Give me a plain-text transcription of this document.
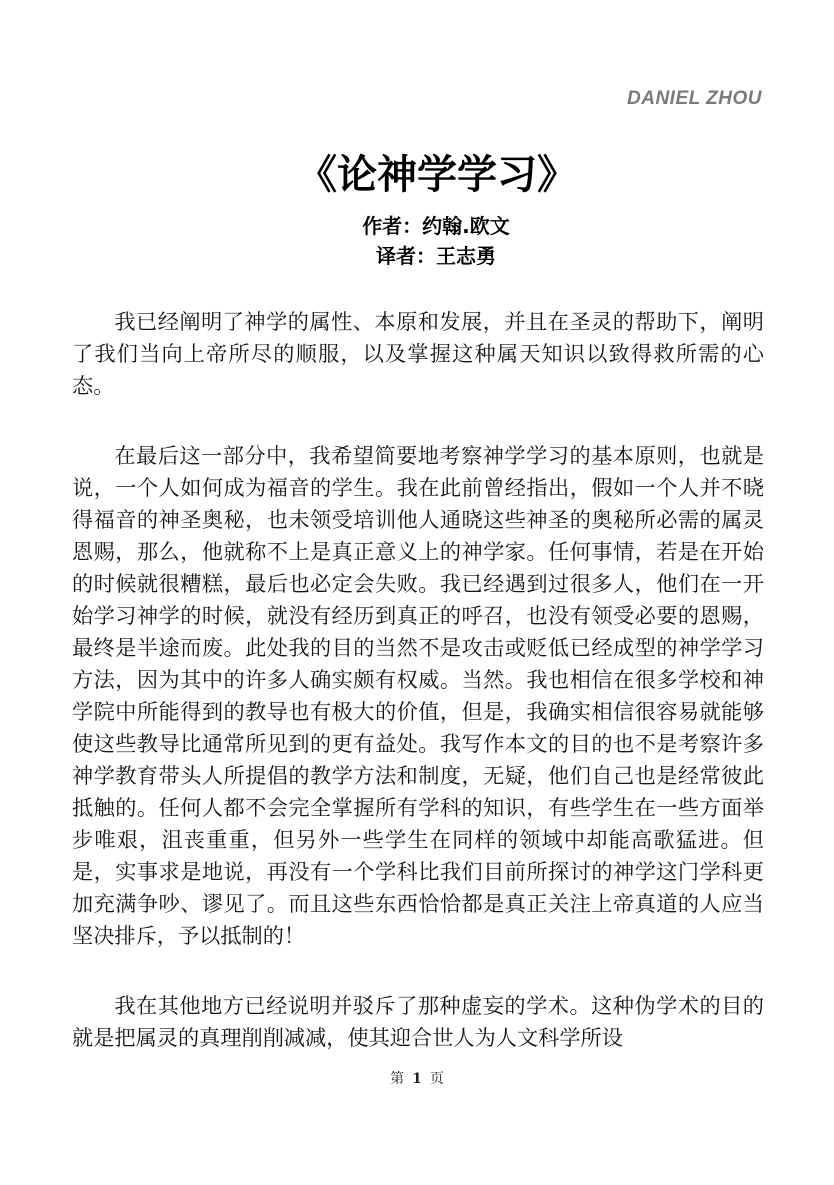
DANIEL ZHOU
《论神学学习》
作者：约翰.欧文
译者：王志勇

我已经阐明了神学的属性、本原和发展，并且在圣灵的帮助下，阐明了我们当向上帝所尽的顺服，以及掌握这种属天知识以致得救所需的心态。

在最后这一部分中，我希望简要地考察神学学习的基本原则，也就是说，一个人如何成为福音的学生。我在此前曾经指出，假如一个人并不晓得福音的神圣奥秘，也未领受培训他人通晓这些神圣的奥秘所必需的属灵恩赐，那么，他就称不上是真正意义上的神学家。任何事情，若是在开始的时候就很糟糕，最后也必定会失败。我已经遇到过很多人，他们在一开始学习神学的时候，就没有经历到真正的呼召，也没有领受必要的恩赐，最终是半途而废。此处我的目的当然不是攻击或贬低已经成型的神学学习方法，因为其中的许多人确实颇有权威。当然。我也相信在很多学校和神学院中所能得到的教导也有极大的价值，但是，我确实相信很容易就能够使这些教导比通常所见到的更有益处。我写作本文的目的也不是考察许多神学教育带头人所提倡的教学方法和制度，无疑，他们自己也是经常彼此抵触的。任何人都不会完全掌握所有学科的知识，有些学生在一些方面举步唯艰，沮丧重重，但另外一些学生在同样的领域中却能高歌猛进。但是，实事求是地说，再没有一个学科比我们目前所探讨的神学这门学科更加充满争吵、谬见了。而且这些东西恰恰都是真正关注上帝真道的人应当坚决排斥，予以抵制的！

我在其他地方已经说明并驳斥了那种虚妄的学术。这种伪学术的目的就是把属灵的真理削削减减，使其迎合世人为人文科学所设

第 1 页
